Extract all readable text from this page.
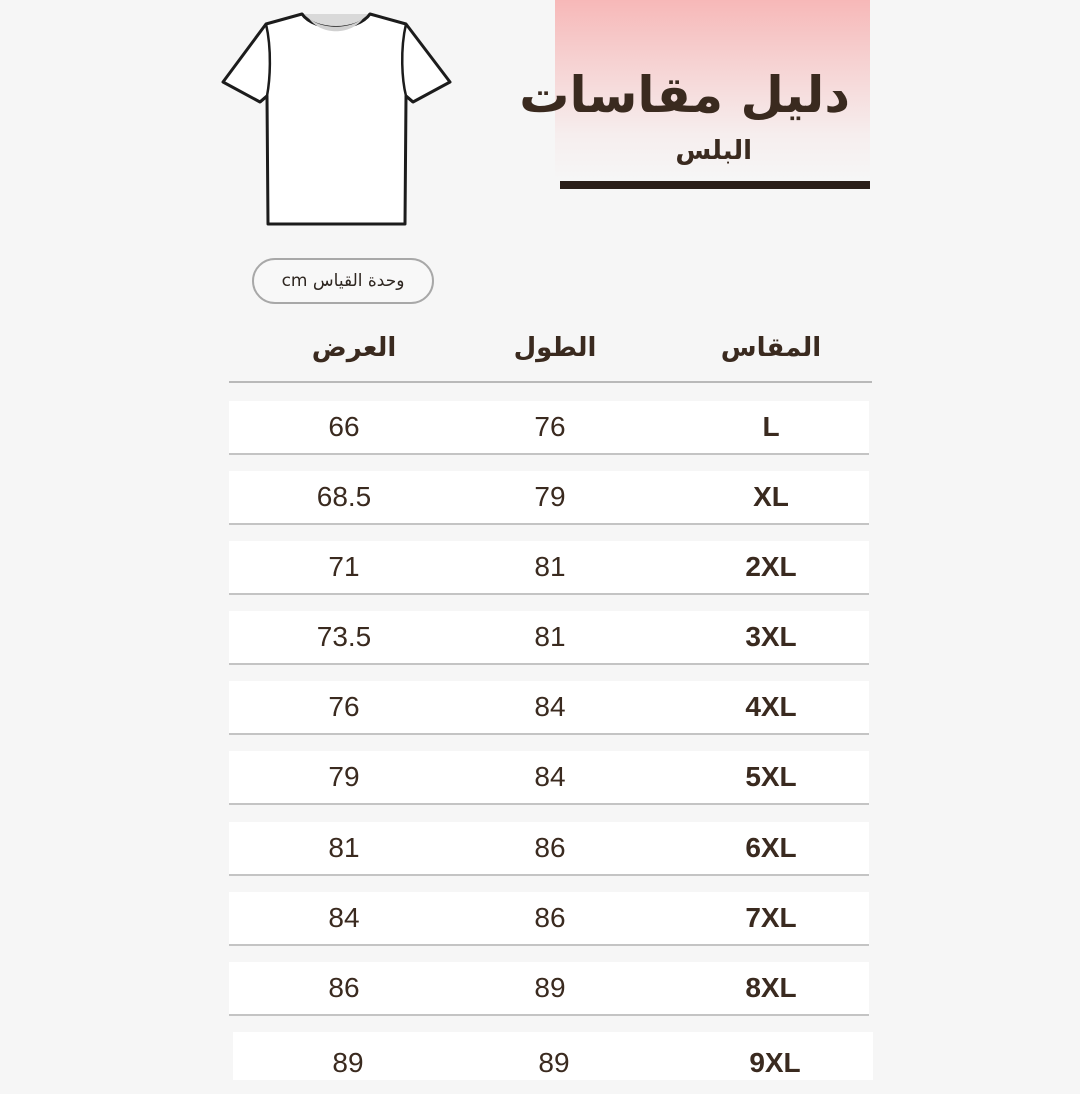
دليل مقاسات
البلس
وحدة القياس cm
المقاس
الطول
العرض
L
76
66
XL
79
68.5
2XL
81
71
3XL
81
73.5
4XL
84
76
5XL
84
79
6XL
86
81
7XL
86
84
8XL
89
86
9XL
89
89
